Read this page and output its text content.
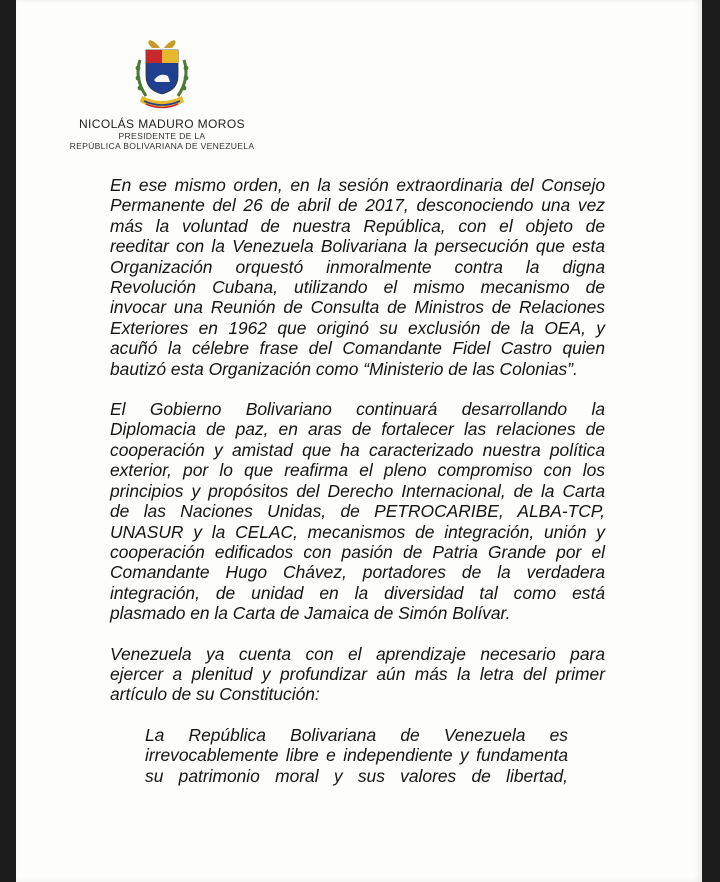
NICOLÁS MADURO MOROS
PRESIDENTE DE LA
REPÚBLICA BOLIVARIANA DE VENEZUELA
En ese mismo orden, en la sesión extraordinaria del Consejo
Permanente del 26 de abril de 2017, desconociendo una vez
más la voluntad de nuestra República, con el objeto de
reeditar con la Venezuela Bolivariana la persecución que esta
Organización orquestó inmoralmente contra la digna
Revolución Cubana, utilizando el mismo mecanismo de
invocar una Reunión de Consulta de Ministros de Relaciones
Exteriores en 1962 que originó su exclusión de la OEA, y
acuñó la célebre frase del Comandante Fidel Castro quien
bautizó esta Organización como “Ministerio de las Colonias”.
El Gobierno Bolivariano continuará desarrollando la
Diplomacia de paz, en aras de fortalecer las relaciones de
cooperación y amistad que ha caracterizado nuestra política
exterior, por lo que reafirma el pleno compromiso con los
principios y propósitos del Derecho Internacional, de la Carta
de las Naciones Unidas, de PETROCARIBE, ALBA-TCP,
UNASUR y la CELAC, mecanismos de integración, unión y
cooperación edificados con pasión de Patria Grande por el
Comandante Hugo Chávez, portadores de la verdadera
integración, de unidad en la diversidad tal como está
plasmado en la Carta de Jamaica de Simón Bolívar.
Venezuela ya cuenta con el aprendizaje necesario para
ejercer a plenitud y profundizar aún más la letra del primer
artículo de su Constitución:
La República Bolivariana de Venezuela es
irrevocablemente libre e independiente y fundamenta
su patrimonio moral y sus valores de libertad,
